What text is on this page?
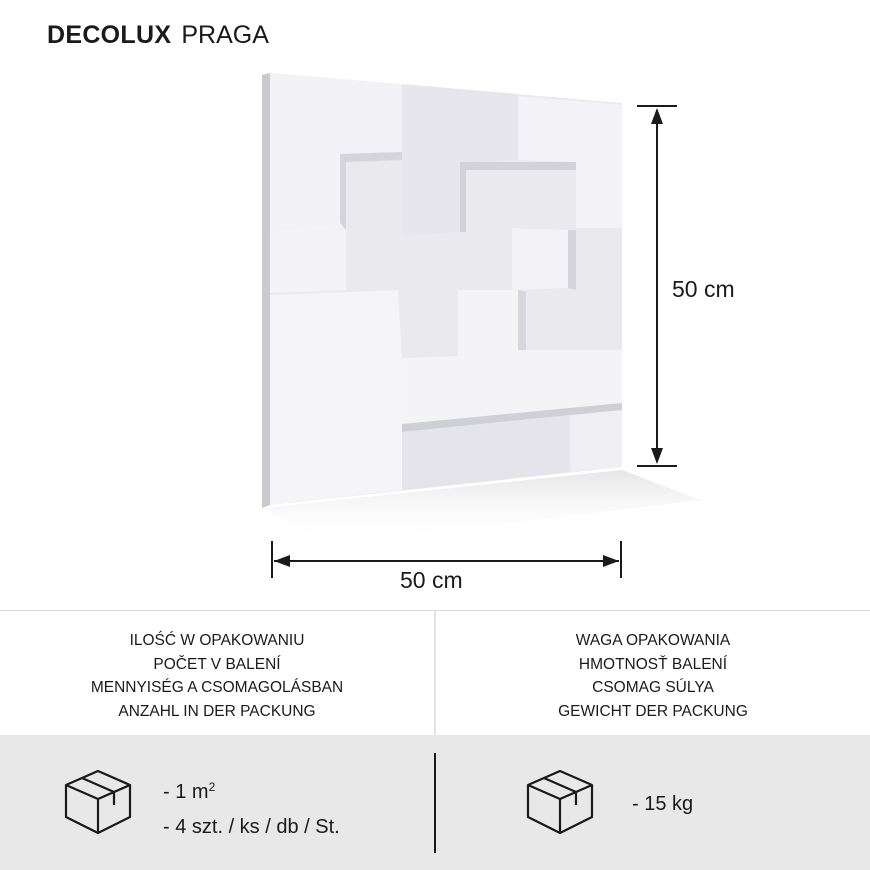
DECOLUX PRAGA
50 cm
50 cm
ILOŚĆ W OPAKOWANIU
POČET V BALENÍ
MENNYISÉG A CSOMAGOLÁSBAN
ANZAHL IN DER PACKUNG
WAGA OPAKOWANIA
HMOTNOSŤ BALENÍ
CSOMAG SÚLYA
GEWICHT DER PACKUNG
- 1 $m^2$
- 4 szt. / ks / db / St.
- 15 kg
